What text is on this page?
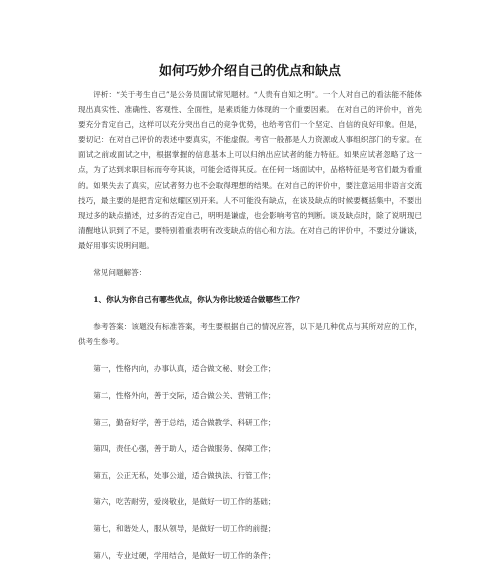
如何巧妙介绍自己的优点和缺点

评析：“关于考生自己”是公务员面试常见题材。“人贵有自知之明”。一个人对自己的看法能不能体现出真实性、准确性、客观性、全面性，是素质能力体现的一个重要因素。 在对自己的评价中，首先要充分肯定自己，这样可以充分突出自己的竞争优势，也给考官们一个坚定、自信的良好印象。但是，要切记：在对自己评价的表述中要真实，不能虚假。考官一般都是人力资源或人事组织部门的专家。在面试之前或面试之中，根据掌握的信息基本上可以归纳出应试者的能力特征。如果应试者忽略了这一点，为了达到求职目标而夸夸其谈，可能会适得其反。在任何一场面试中，品格特征是考官们最为看重的。如果失去了真实，应试者努力也不会取得理想的结果。在对自己的评价中，要注意运用非语言交流技巧，最主要的是把肯定和炫耀区别开来。人不可能没有缺点，在谈及缺点的时候要概括集中，不要出现过多的缺点描述，过多的否定自己，明明是谦虚，也会影响考官的判断。谈及缺点时，除了说明现已清醒地认识到了不足，要特别着重表明有改变缺点的信心和方法。在对自己的评价中，不要过分谦谈，最好用事实说明问题。

常见问题解答：

1、你认为你自己有哪些优点，你认为你比较适合做哪些工作？

参考答案：该题没有标准答案，考生要根据自己的情况应答，以下是几种优点与其所对应的工作，供考生参考。

第一，性格内向，办事认真，适合做文秘、财会工作；

第二，性格外向，善于交际，适合做公关、营销工作；

第三，勤奋好学，善于总结，适合做教学、科研工作；

第四，责任心强，善于助人，适合做服务、保障工作；

第五，公正无私，处事公道，适合做执法、行管工作；

第六，吃苦耐劳，爱岗敬业，是做好一切工作的基础；

第七，和谐处人，服从领导，是做好一切工作的前提；

第八，专业过硬，学用结合，是做好一切工作的条件；
